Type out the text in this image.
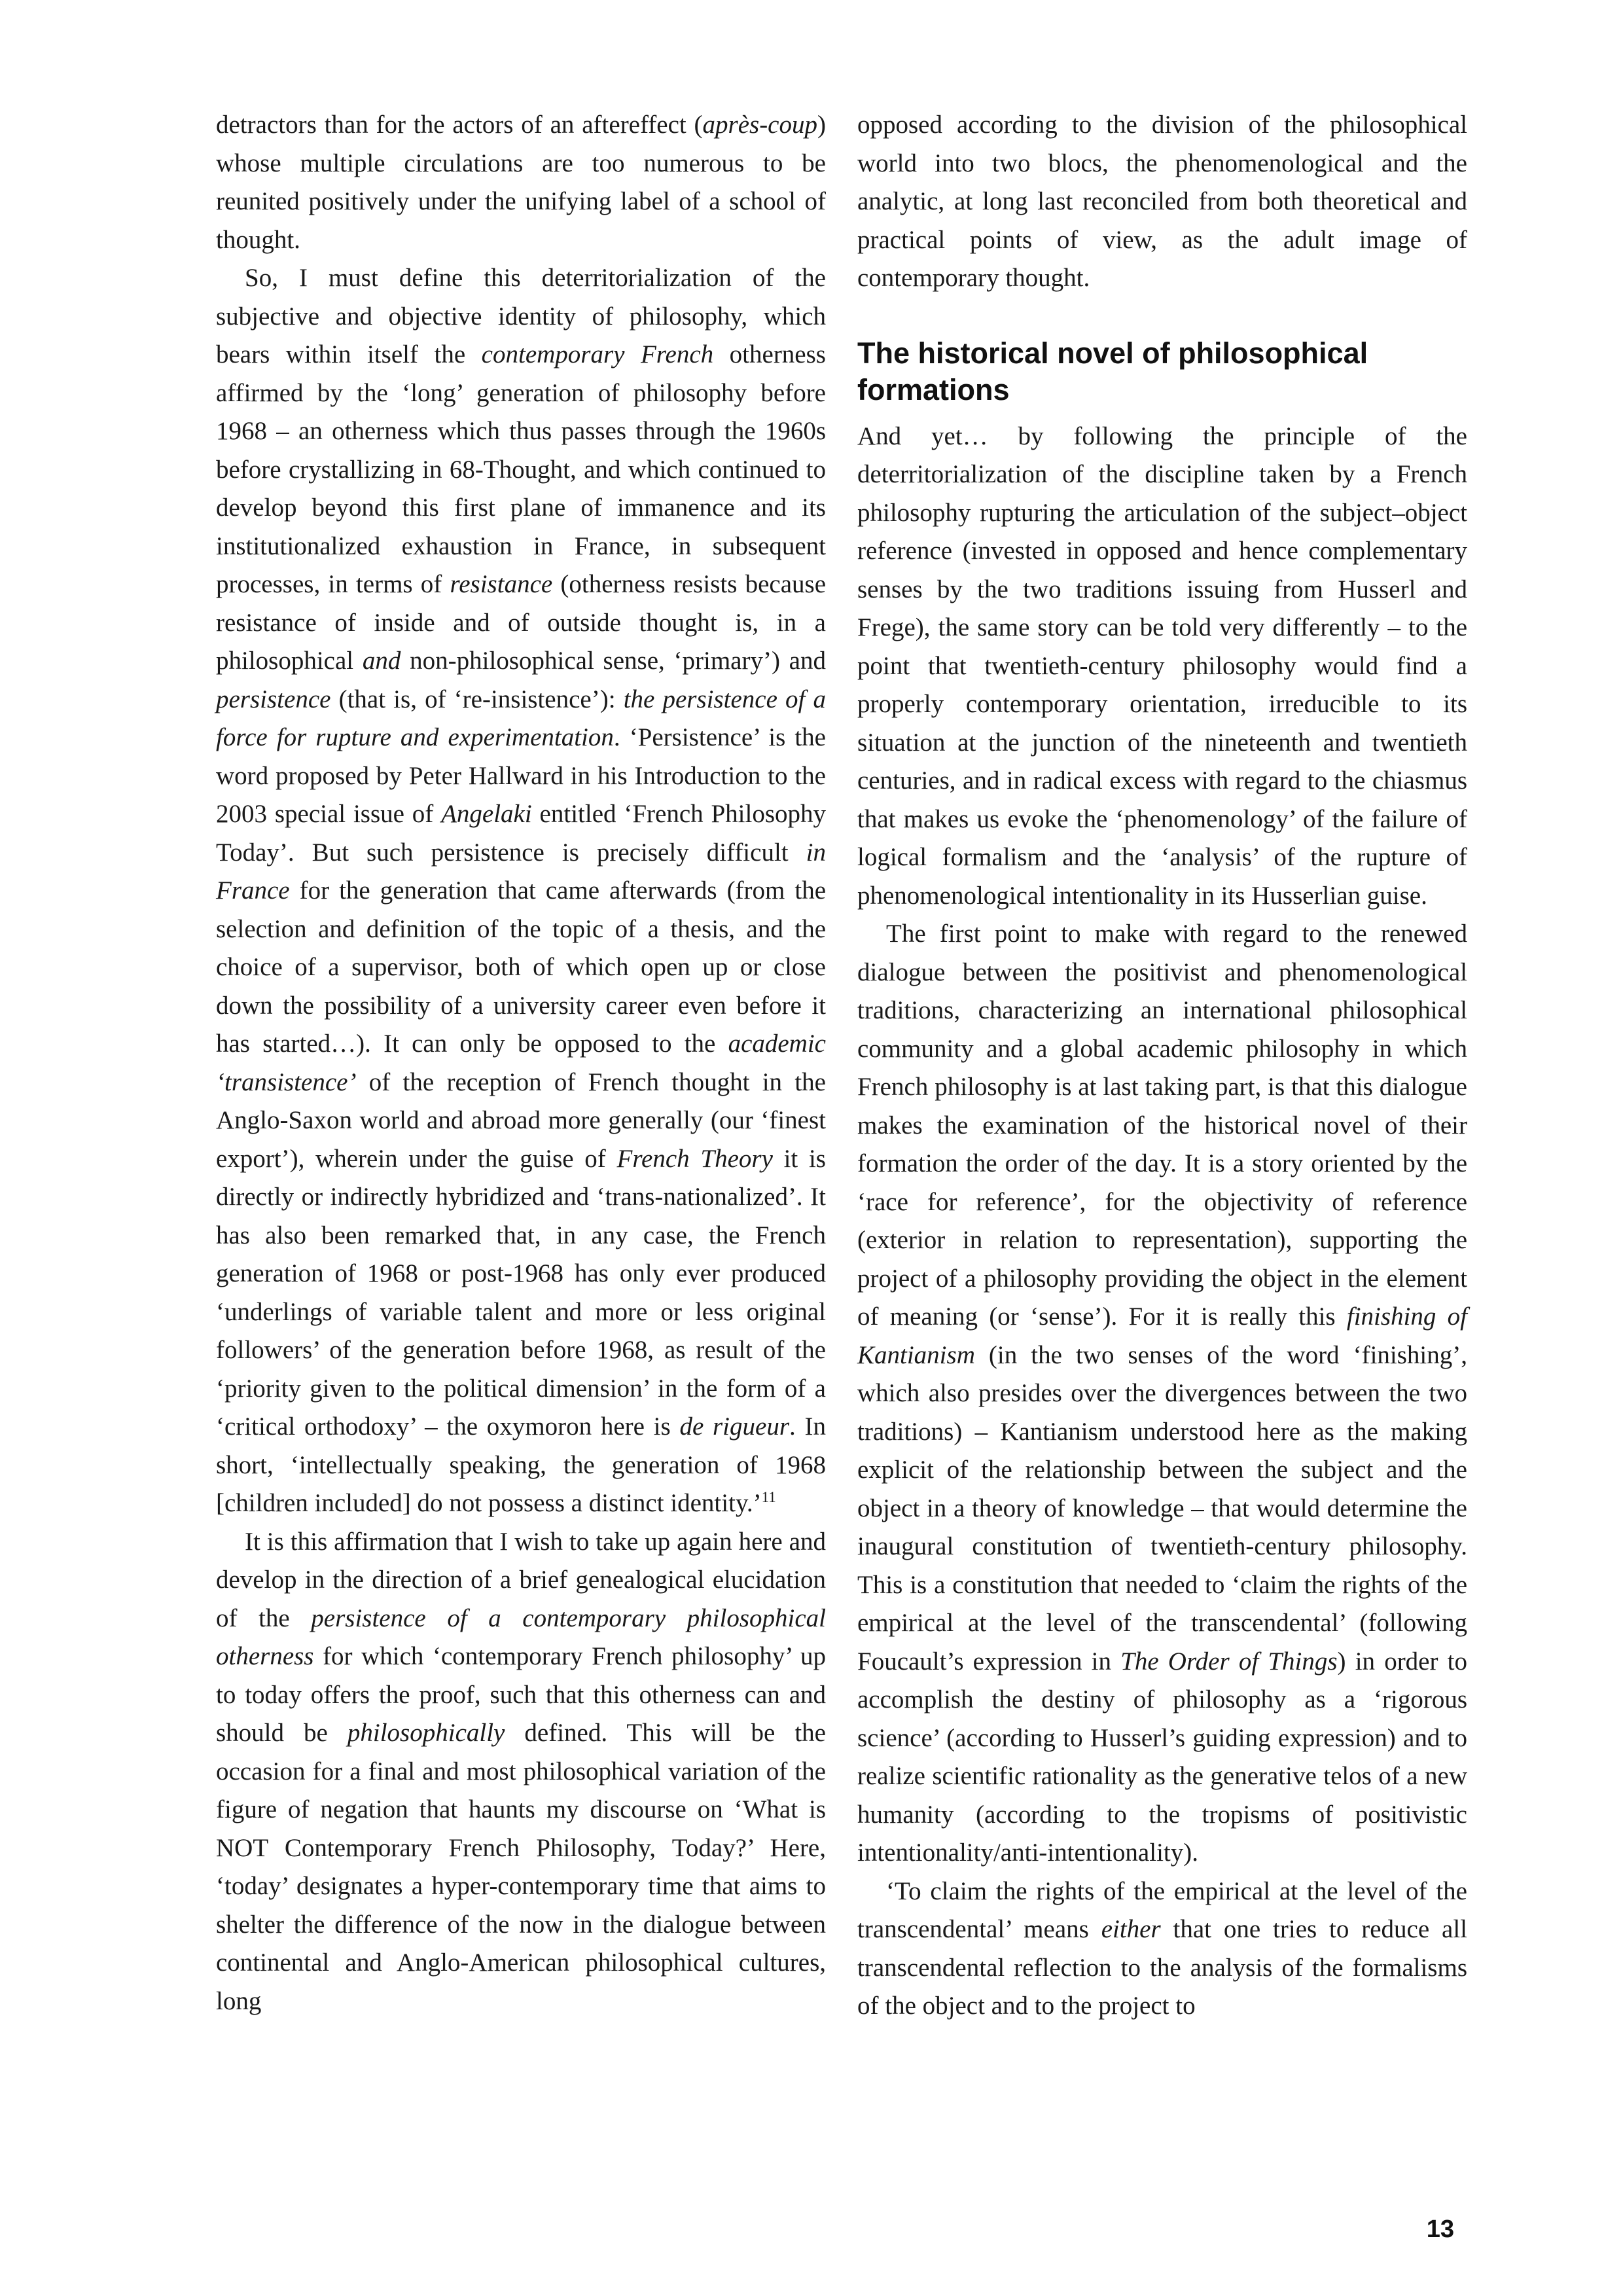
detractors than for the actors of an aftereffect (après-coup) whose multiple circulations are too numerous to be reunited positively under the unifying label of a school of thought.

So, I must define this deterritorialization of the subjective and objective identity of philosophy, which bears within itself the contemporary French otherness affirmed by the ‘long’ generation of philosophy before 1968 – an otherness which thus passes through the 1960s before crystallizing in 68-Thought, and which continued to develop beyond this first plane of immanence and its institutionalized exhaustion in France, in subsequent processes, in terms of resistance (otherness resists because resistance of inside and of outside thought is, in a philosophical and non-philosophical sense, ‘primary’) and persistence (that is, of ‘re-insistence’): the persistence of a force for rupture and experimentation. ‘Persistence’ is the word proposed by Peter Hallward in his Introduction to the 2003 special issue of Angelaki entitled ‘French Philosophy Today’. But such persistence is precisely difficult in France for the generation that came afterwards (from the selection and definition of the topic of a thesis, and the choice of a supervisor, both of which open up or close down the possibility of a university career even before it has started…). It can only be opposed to the academic ‘transistence’ of the reception of French thought in the Anglo-Saxon world and abroad more generally (our ‘finest export’), wherein under the guise of French Theory it is directly or indirectly hybridized and ‘trans-nationalized’. It has also been remarked that, in any case, the French generation of 1968 or post-1968 has only ever produced ‘underlings of variable talent and more or less original followers’ of the generation before 1968, as result of the ‘priority given to the political dimension’ in the form of a ‘critical orthodoxy’ – the oxymoron here is de rigueur. In short, ‘intellectually speaking, the generation of 1968 [children included] do not possess a distinct identity.’$^{11}$

It is this affirmation that I wish to take up again here and develop in the direction of a brief genealogical elucidation of the persistence of a contemporary philosophical otherness for which ‘contemporary French philosophy’ up to today offers the proof, such that this otherness can and should be philosophically defined. This will be the occasion for a final and most philosophical variation of the figure of negation that haunts my discourse on ‘What is NOT Contemporary French Philosophy, Today?’ Here, ‘today’ designates a hyper-contemporary time that aims to shelter the difference of the now in the dialogue between continental and Anglo-American philosophical cultures, long

opposed according to the division of the philosophical world into two blocs, the phenomenological and the analytic, at long last reconciled from both theoretical and practical points of view, as the adult image of contemporary thought.

The historical novel of philosophical formations

And yet… by following the principle of the deterritorialization of the discipline taken by a French philosophy rupturing the articulation of the subject–object reference (invested in opposed and hence complementary senses by the two traditions issuing from Husserl and Frege), the same story can be told very differently – to the point that twentieth-century philosophy would find a properly contemporary orientation, irreducible to its situation at the junction of the nineteenth and twentieth centuries, and in radical excess with regard to the chiasmus that makes us evoke the ‘phenomenology’ of the failure of logical formalism and the ‘analysis’ of the rupture of phenomenological intentionality in its Husserlian guise.

The first point to make with regard to the renewed dialogue between the positivist and phenomenological traditions, characterizing an international philosophical community and a global academic philosophy in which French philosophy is at last taking part, is that this dialogue makes the examination of the historical novel of their formation the order of the day. It is a story oriented by the ‘race for reference’, for the objectivity of reference (exterior in relation to representation), supporting the project of a philosophy providing the object in the element of meaning (or ‘sense’). For it is really this finishing of Kantianism (in the two senses of the word ‘finishing’, which also presides over the divergences between the two traditions) – Kantianism understood here as the making explicit of the relationship between the subject and the object in a theory of knowledge – that would determine the inaugural constitution of twentieth-century philosophy. This is a constitution that needed to ‘claim the rights of the empirical at the level of the transcendental’ (following Foucault’s expression in The Order of Things) in order to accomplish the destiny of philosophy as a ‘rigorous science’ (according to Husserl’s guiding expression) and to realize scientific rationality as the generative telos of a new humanity (according to the tropisms of positivistic intentionality/anti-intentionality).

‘To claim the rights of the empirical at the level of the transcendental’ means either that one tries to reduce all transcendental reflection to the analysis of the formalisms of the object and to the project to

13
